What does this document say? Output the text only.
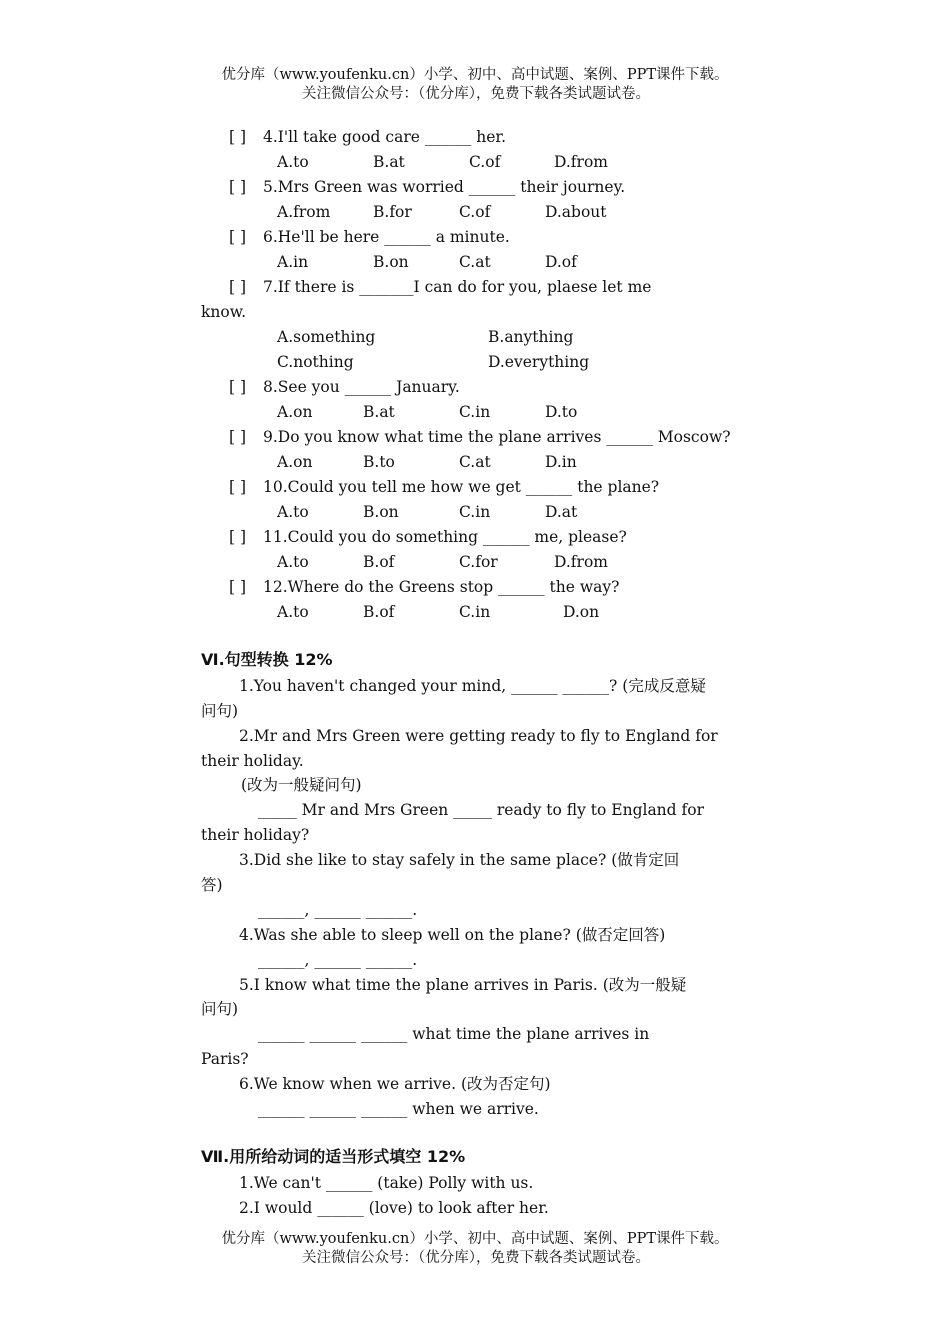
优分库（www.youfenku.cn）小学、初中、高中试题、案例、PPT课件下载。
关注微信公众号：（优分库），免费下载各类试题试卷。
[ ] 4.I'll take good care ______ her.
A.to	B.at	C.of	D.from
[ ] 5.Mrs Green was worried ______ their journey.
A.from	B.for	C.of	D.about
[ ] 6.He'll be here ______ a minute.
A.in	B.on	C.at	D.of
[ ] 7.If there is _______I can do for you, plaese let me
know.
A.something	B.anything
C.nothing	D.everything
[ ] 8.See you ______ January.
A.on	B.at	C.in	D.to
[ ] 9.Do you know what time the plane arrives ______ Moscow?
A.on	B.to	C.at	D.in
[ ] 10.Could you tell me how we get ______ the plane?
A.to	B.on	C.in	D.at
[ ] 11.Could you do something ______ me, please?
A.to	B.of	C.for	D.from
[ ] 12.Where do the Greens stop ______ the way?
A.to	B.of	C.in	D.on
Ⅵ.句型转换 12%
1.You haven't changed your mind, ______ ______? (完成反意疑
问句)
2.Mr and Mrs Green were getting ready to fly to England for
their holiday.
(改为一般疑问句)
_____ Mr and Mrs Green _____ ready to fly to England for
their holiday?
3.Did she like to stay safely in the same place? (做肯定回
答)
______, ______ ______.
4.Was she able to sleep well on the plane? (做否定回答)
______, ______ ______.
5.I know what time the plane arrives in Paris. (改为一般疑
问句)
______ ______ ______ what time the plane arrives in
Paris?
6.We know when we arrive. (改为否定句)
______ ______ ______ when we arrive.
Ⅶ.用所给动词的适当形式填空 12%
1.We can't ______ (take) Polly with us.
2.I would ______ (love) to look after her.
优分库（www.youfenku.cn）小学、初中、高中试题、案例、PPT课件下载。
关注微信公众号：（优分库），免费下载各类试题试卷。
